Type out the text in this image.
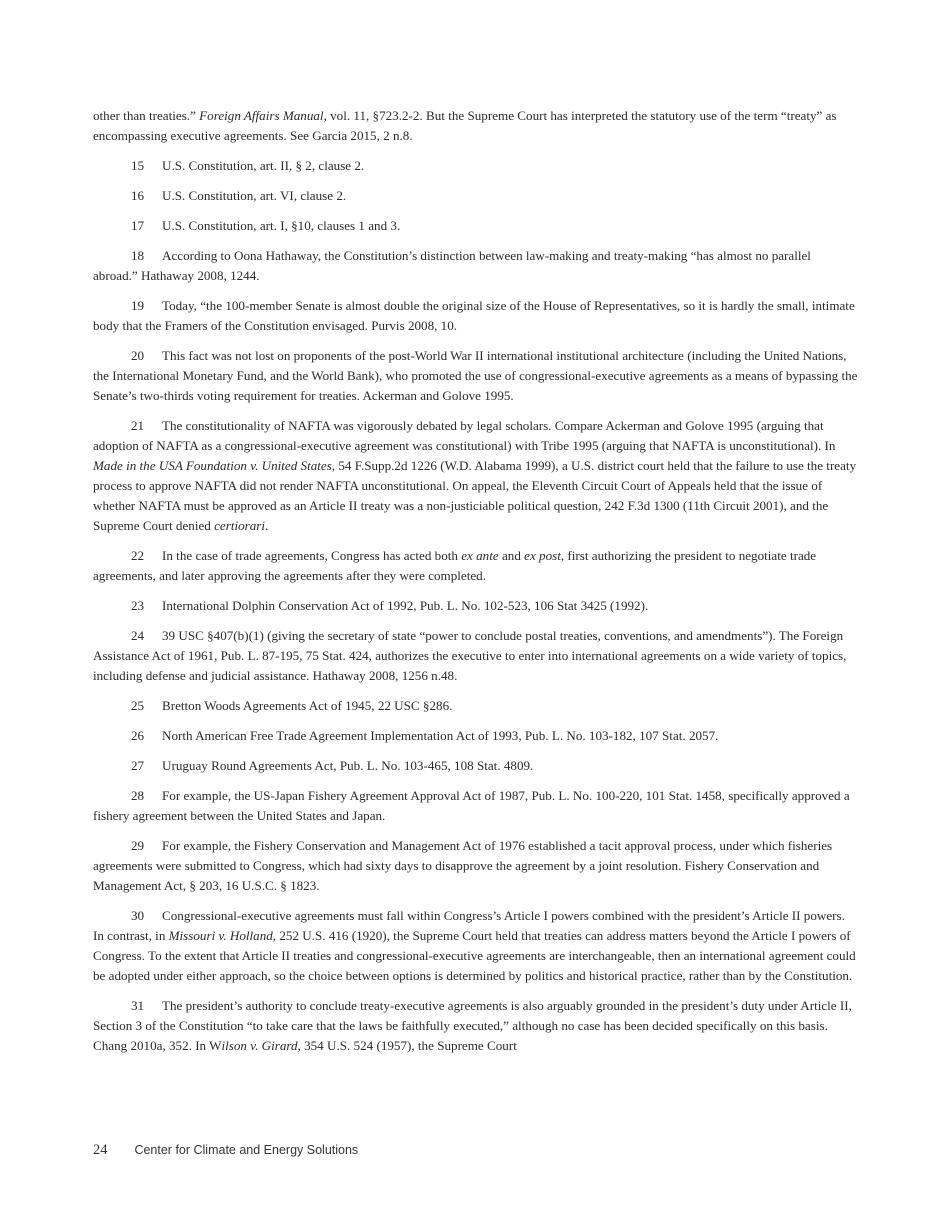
other than treaties.” Foreign Affairs Manual, vol. 11, §723.2-2. But the Supreme Court has interpreted the statutory use of the term “treaty” as encompassing executive agreements. See Garcia 2015, 2 n.8.

15 U.S. Constitution, art. II, § 2, clause 2.

16 U.S. Constitution, art. VI, clause 2.

17 U.S. Constitution, art. I, §10, clauses 1 and 3.

18 According to Oona Hathaway, the Constitution’s distinction between law-making and treaty-making “has almost no parallel abroad.” Hathaway 2008, 1244.

19 Today, “the 100-member Senate is almost double the original size of the House of Representatives, so it is hardly the small, intimate body that the Framers of the Constitution envisaged. Purvis 2008, 10.

20 This fact was not lost on proponents of the post-World War II international institutional architecture (including the United Nations, the International Monetary Fund, and the World Bank), who promoted the use of congressional-executive agreements as a means of bypassing the Senate’s two-thirds voting requirement for treaties. Ackerman and Golove 1995.

21 The constitutionality of NAFTA was vigorously debated by legal scholars. Compare Ackerman and Golove 1995 (arguing that adoption of NAFTA as a congressional-executive agreement was constitutional) with Tribe 1995 (arguing that NAFTA is unconstitutional). In Made in the USA Foundation v. United States, 54 F.Supp.2d 1226 (W.D. Alabama 1999), a U.S. district court held that the failure to use the treaty process to approve NAFTA did not render NAFTA unconstitutional. On appeal, the Eleventh Circuit Court of Appeals held that the issue of whether NAFTA must be approved as an Article II treaty was a non-justiciable political question, 242 F.3d 1300 (11th Circuit 2001), and the Supreme Court denied certiorari.

22 In the case of trade agreements, Congress has acted both ex ante and ex post, first authorizing the president to negotiate trade agreements, and later approving the agreements after they were completed.

23 International Dolphin Conservation Act of 1992, Pub. L. No. 102-523, 106 Stat 3425 (1992).

24 39 USC §407(b)(1) (giving the secretary of state “power to conclude postal treaties, conventions, and amendments”). The Foreign Assistance Act of 1961, Pub. L. 87-195, 75 Stat. 424, authorizes the executive to enter into international agreements on a wide variety of topics, including defense and judicial assistance. Hathaway 2008, 1256 n.48.

25 Bretton Woods Agreements Act of 1945, 22 USC §286.

26 North American Free Trade Agreement Implementation Act of 1993, Pub. L. No. 103-182, 107 Stat. 2057.

27 Uruguay Round Agreements Act, Pub. L. No. 103-465, 108 Stat. 4809.

28 For example, the US-Japan Fishery Agreement Approval Act of 1987, Pub. L. No. 100-220, 101 Stat. 1458, specifically approved a fishery agreement between the United States and Japan.

29 For example, the Fishery Conservation and Management Act of 1976 established a tacit approval process, under which fisheries agreements were submitted to Congress, which had sixty days to disapprove the agreement by a joint resolution. Fishery Conservation and Management Act, § 203, 16 U.S.C. § 1823.

30 Congressional-executive agreements must fall within Congress’s Article I powers combined with the president’s Article II powers. In contrast, in Missouri v. Holland, 252 U.S. 416 (1920), the Supreme Court held that treaties can address matters beyond the Article I powers of Congress. To the extent that Article II treaties and congressional-executive agreements are interchangeable, then an international agreement could be adopted under either approach, so the choice between options is determined by politics and historical practice, rather than by the Constitution.

31 The president’s authority to conclude treaty-executive agreements is also arguably grounded in the president’s duty under Article II, Section 3 of the Constitution “to take care that the laws be faithfully executed,” although no case has been decided specifically on this basis. Chang 2010a, 352. In Wilson v. Girard, 354 U.S. 524 (1957), the Supreme Court

24 Center for Climate and Energy Solutions
